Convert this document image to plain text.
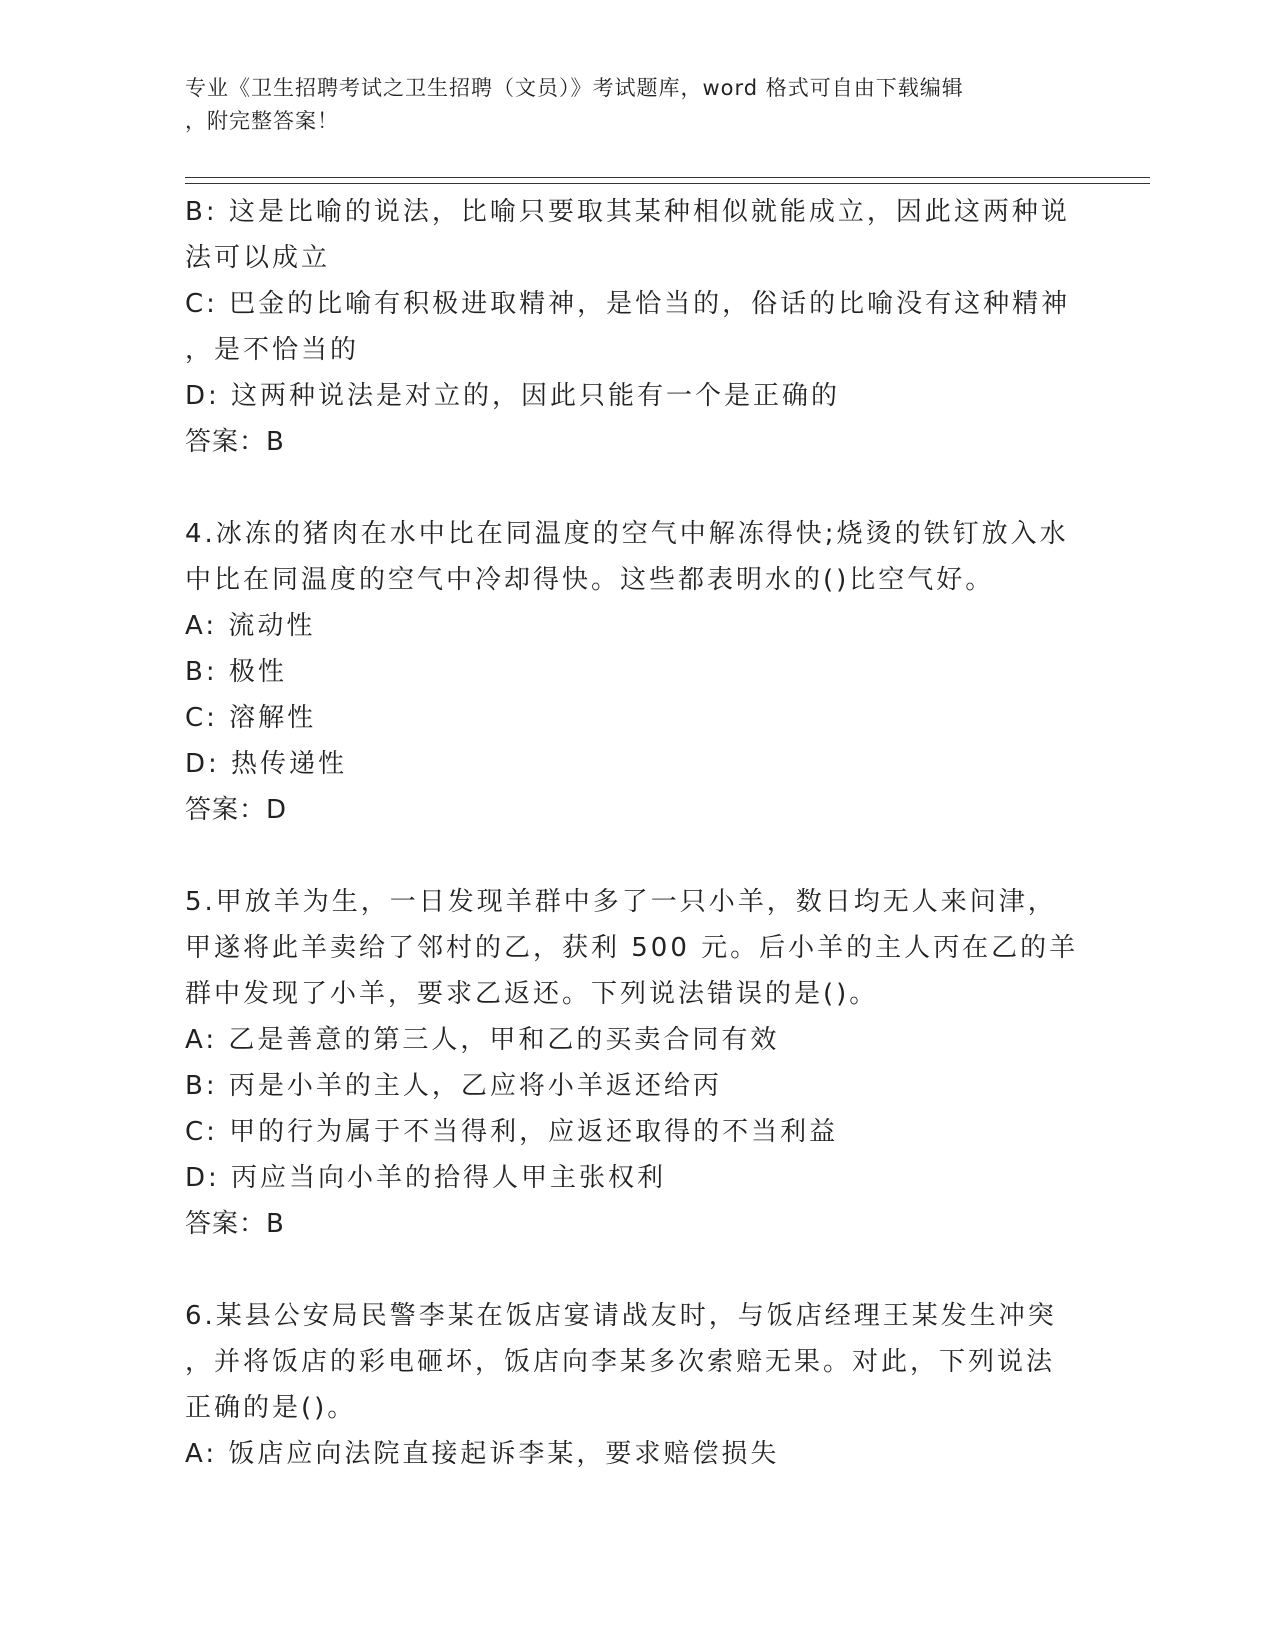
专业《卫生招聘考试之卫生招聘（文员）》考试题库，word 格式可自由下载编辑

，附完整答案！

B: 这是比喻的说法，比喻只要取其某种相似就能成立，因此这两种说

法可以成立

C: 巴金的比喻有积极进取精神，是恰当的，俗话的比喻没有这种精神

，是不恰当的

D: 这两种说法是对立的，因此只能有一个是正确的

答案：B

4.冰冻的猪肉在水中比在同温度的空气中解冻得快;烧烫的铁钉放入水

中比在同温度的空气中冷却得快。这些都表明水的()比空气好。

A: 流动性

B: 极性

C: 溶解性

D: 热传递性

答案：D

5.甲放羊为生，一日发现羊群中多了一只小羊，数日均无人来问津，

甲遂将此羊卖给了邻村的乙，获利 500 元。后小羊的主人丙在乙的羊

群中发现了小羊，要求乙返还。下列说法错误的是()。

A: 乙是善意的第三人，甲和乙的买卖合同有效

B: 丙是小羊的主人，乙应将小羊返还给丙

C: 甲的行为属于不当得利，应返还取得的不当利益

D: 丙应当向小羊的拾得人甲主张权利

答案：B

6.某县公安局民警李某在饭店宴请战友时，与饭店经理王某发生冲突

，并将饭店的彩电砸坏，饭店向李某多次索赔无果。对此，下列说法

正确的是()。

A: 饭店应向法院直接起诉李某，要求赔偿损失
